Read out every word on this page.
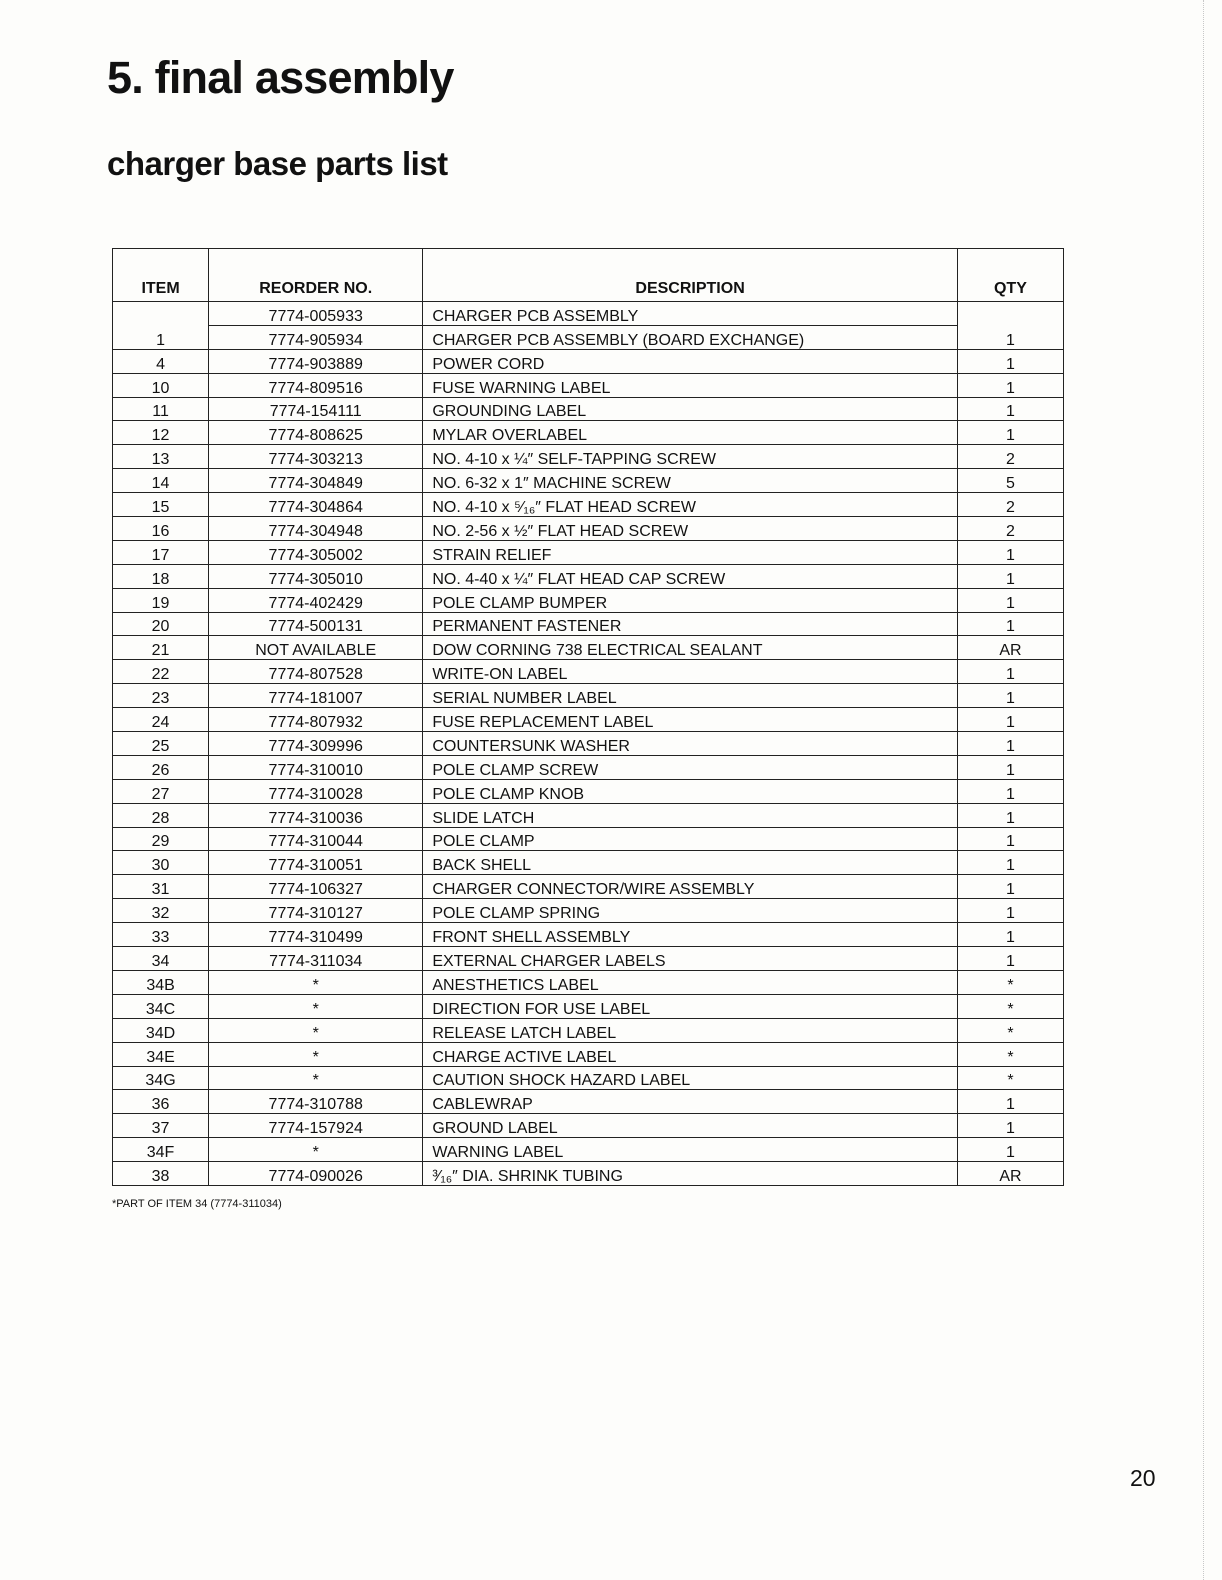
5. final assembly
charger base parts list
ITEM	REORDER NO.	DESCRIPTION	QTY
1	7774-005933	CHARGER PCB ASSEMBLY	1
	7774-905934	CHARGER PCB ASSEMBLY (BOARD EXCHANGE)	
4	7774-903889	POWER CORD	1
10	7774-809516	FUSE WARNING LABEL	1
11	7774-154111	GROUNDING LABEL	1
12	7774-808625	MYLAR OVERLABEL	1
13	7774-303213	NO. 4-10 x ¼″ SELF-TAPPING SCREW	2
14	7774-304849	NO. 6-32 x 1″ MACHINE SCREW	5
15	7774-304864	NO. 4-10 x ⁵⁄₁₆″ FLAT HEAD SCREW	2
16	7774-304948	NO. 2-56 x ½″ FLAT HEAD SCREW	2
17	7774-305002	STRAIN RELIEF	1
18	7774-305010	NO. 4-40 x ¼″ FLAT HEAD CAP SCREW	1
19	7774-402429	POLE CLAMP BUMPER	1
20	7774-500131	PERMANENT FASTENER	1
21	NOT AVAILABLE	DOW CORNING 738 ELECTRICAL SEALANT	AR
22	7774-807528	WRITE-ON LABEL	1
23	7774-181007	SERIAL NUMBER LABEL	1
24	7774-807932	FUSE REPLACEMENT LABEL	1
25	7774-309996	COUNTERSUNK WASHER	1
26	7774-310010	POLE CLAMP SCREW	1
27	7774-310028	POLE CLAMP KNOB	1
28	7774-310036	SLIDE LATCH	1
29	7774-310044	POLE CLAMP	1
30	7774-310051	BACK SHELL	1
31	7774-106327	CHARGER CONNECTOR/WIRE ASSEMBLY	1
32	7774-310127	POLE CLAMP SPRING	1
33	7774-310499	FRONT SHELL ASSEMBLY	1
34	7774-311034	EXTERNAL CHARGER LABELS	1
34B	*	ANESTHETICS LABEL	*
34C	*	DIRECTION FOR USE LABEL	*
34D	*	RELEASE LATCH LABEL	*
34E	*	CHARGE ACTIVE LABEL	*
34G	*	CAUTION SHOCK HAZARD LABEL	*
36	7774-310788	CABLEWRAP	1
37	7774-157924	GROUND LABEL	1
34F	*	WARNING LABEL	1
38	7774-090026	³⁄₁₆″ DIA. SHRINK TUBING	AR

*PART OF ITEM 34 (7774-311034)

20
